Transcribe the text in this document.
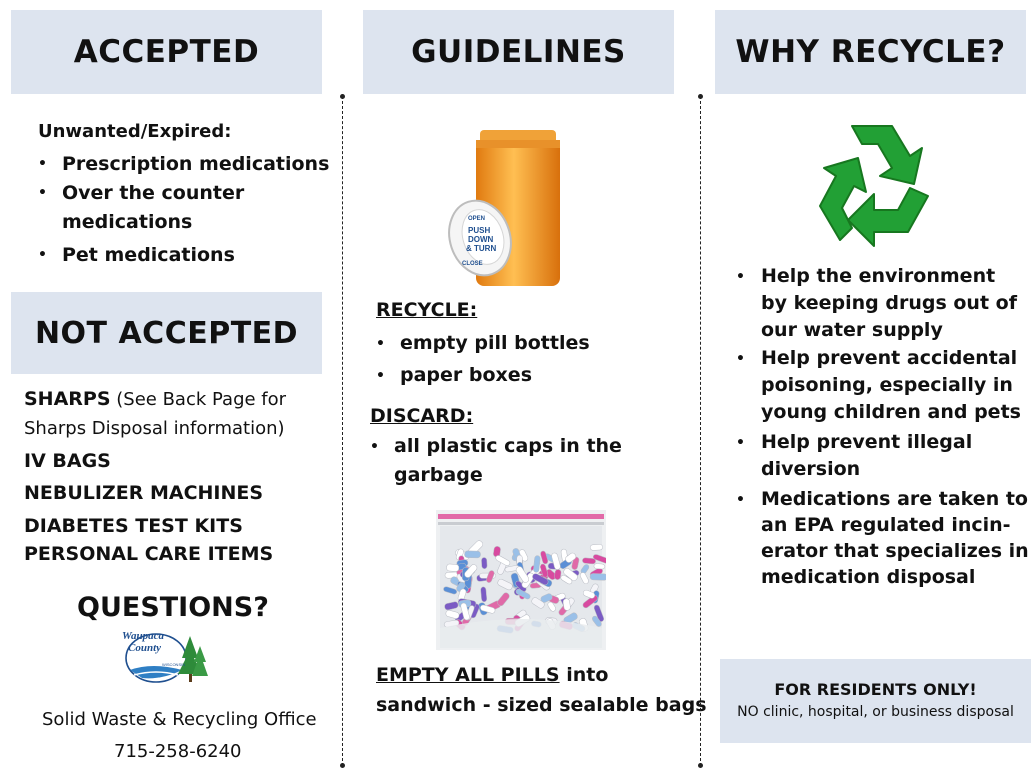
ACCEPTED
Unwanted/Expired:
• Prescription medications
• Over the counter
medications
• Pet medications
NOT ACCEPTED
SHARPS (See Back Page for
Sharps Disposal information)
IV BAGS
NEBULIZER MACHINES
DIABETES TEST KITS
PERSONAL CARE ITEMS
QUESTIONS?
Waupaca
County
WISCONSIN
Solid Waste & Recycling Office
715-258-6240
GUIDELINES
OPEN
PUSH
DOWN
& TURN
CLOSE
RECYCLE:
• empty pill bottles
• paper boxes
DISCARD:
• all plastic caps in the
garbage
EMPTY ALL PILLS into
sandwich - sized sealable bags
WHY RECYCLE?
• Help the environment
by keeping drugs out of
our water supply
• Help prevent accidental
poisoning, especially in
young children and pets
• Help prevent illegal
diversion
• Medications are taken to
an EPA regulated incin-
erator that specializes in
medication disposal
FOR RESIDENTS ONLY!
NO clinic, hospital, or business disposal
